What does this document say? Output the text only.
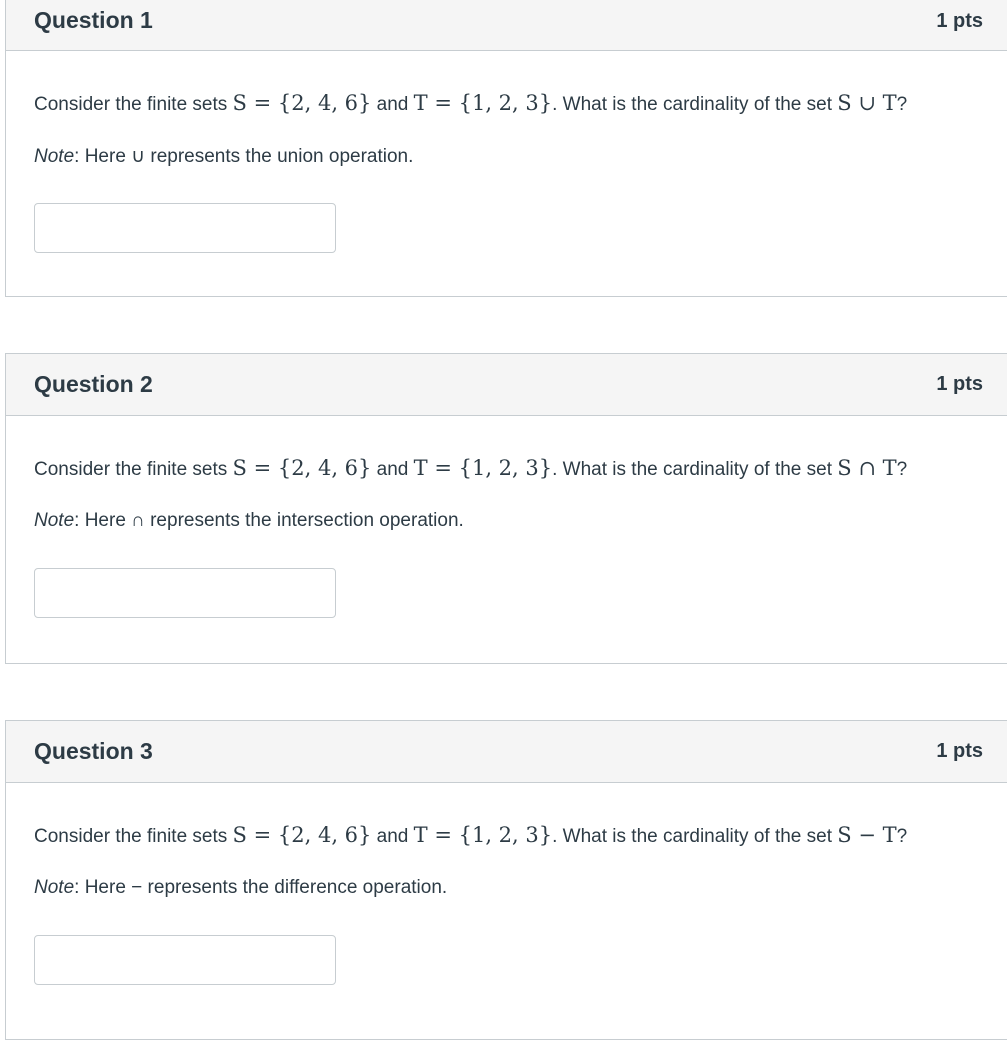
Question 1	1 pts
Consider the finite sets S = {2, 4, 6} and T = {1, 2, 3}. What is the cardinality of the set S ∪ T?
Note: Here ∪ represents the union operation.
Question 2	1 pts
Consider the finite sets S = {2, 4, 6} and T = {1, 2, 3}. What is the cardinality of the set S ∩ T?
Note: Here ∩ represents the intersection operation.
Question 3	1 pts
Consider the finite sets S = {2, 4, 6} and T = {1, 2, 3}. What is the cardinality of the set S − T?
Note: Here − represents the difference operation.
